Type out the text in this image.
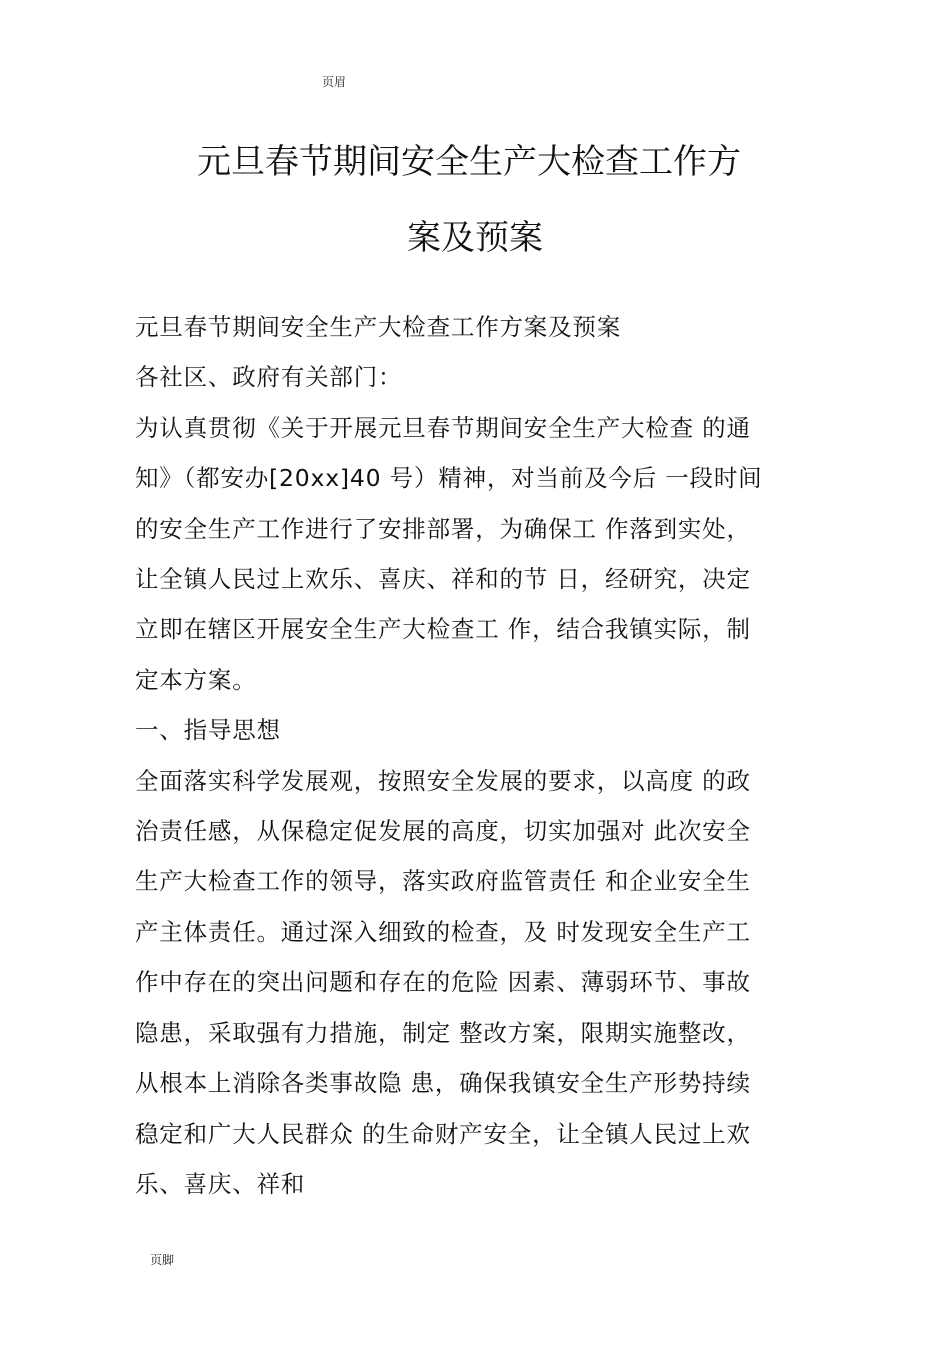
页眉
元旦春节期间安全生产大检查工作方
案及预案
元旦春节期间安全生产大检查工作方案及预案
各社区、政府有关部门：
为认真贯彻《关于开展元旦春节期间安全生产大检查 的通
知》（都安办[20xx]40 号）精神，对当前及今后 一段时间
的安全生产工作进行了安排部署，为确保工 作落到实处，
让全镇人民过上欢乐、喜庆、祥和的节 日，经研究，决定
立即在辖区开展安全生产大检查工 作，结合我镇实际，制
定本方案。
一、指导思想
全面落实科学发展观，按照安全发展的要求，以高度 的政
治责任感，从保稳定促发展的高度，切实加强对 此次安全
生产大检查工作的领导，落实政府监管责任 和企业安全生
产主体责任。通过深入细致的检查，及 时发现安全生产工
作中存在的突出问题和存在的危险 因素、薄弱环节、事故
隐患，采取强有力措施，制定 整改方案，限期实施整改，
从根本上消除各类事故隐 患，确保我镇安全生产形势持续
稳定和广大人民群众 的生命财产安全，让全镇人民过上欢
乐、喜庆、祥和
页脚
